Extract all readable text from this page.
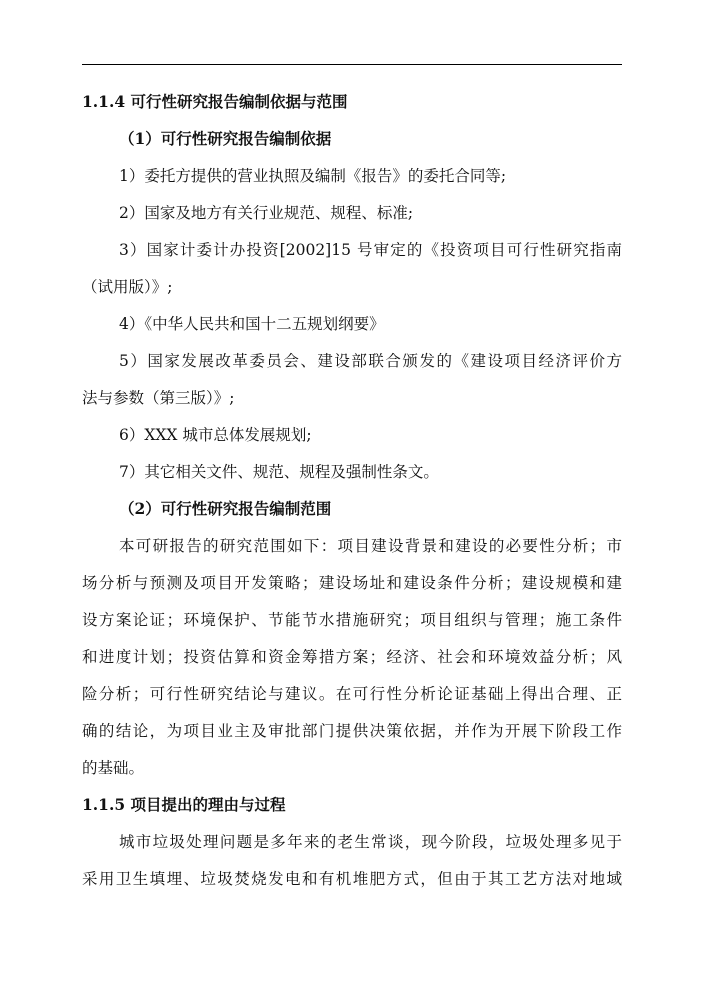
1.1.4 可行性研究报告编制依据与范围
（1）可行性研究报告编制依据
1）委托方提供的营业执照及编制《报告》的委托合同等;
2）国家及地方有关行业规范、规程、标准;
3）国家计委计办投资[2002]15 号审定的《投资项目可行性研究指南
（试用版）》;
4）《中华人民共和国十二五规划纲要》
5）国家发展改革委员会、建设部联合颁发的《建设项目经济评价方
法与参数（第三版）》;
6）XXX 城市总体发展规划;
7）其它相关文件、规范、规程及强制性条文。
（2）可行性研究报告编制范围
本可研报告的研究范围如下：项目建设背景和建设的必要性分析；市
场分析与预测及项目开发策略；建设场址和建设条件分析；建设规模和建
设方案论证；环境保护、节能节水措施研究；项目组织与管理；施工条件
和进度计划；投资估算和资金筹措方案；经济、社会和环境效益分析；风
险分析；可行性研究结论与建议。在可行性分析论证基础上得出合理、正
确的结论，为项目业主及审批部门提供决策依据，并作为开展下阶段工作
的基础。
1.1.5 项目提出的理由与过程
城市垃圾处理问题是多年来的老生常谈，现今阶段，垃圾处理多见于
采用卫生填埋、垃圾焚烧发电和有机堆肥方式，但由于其工艺方法对地域
